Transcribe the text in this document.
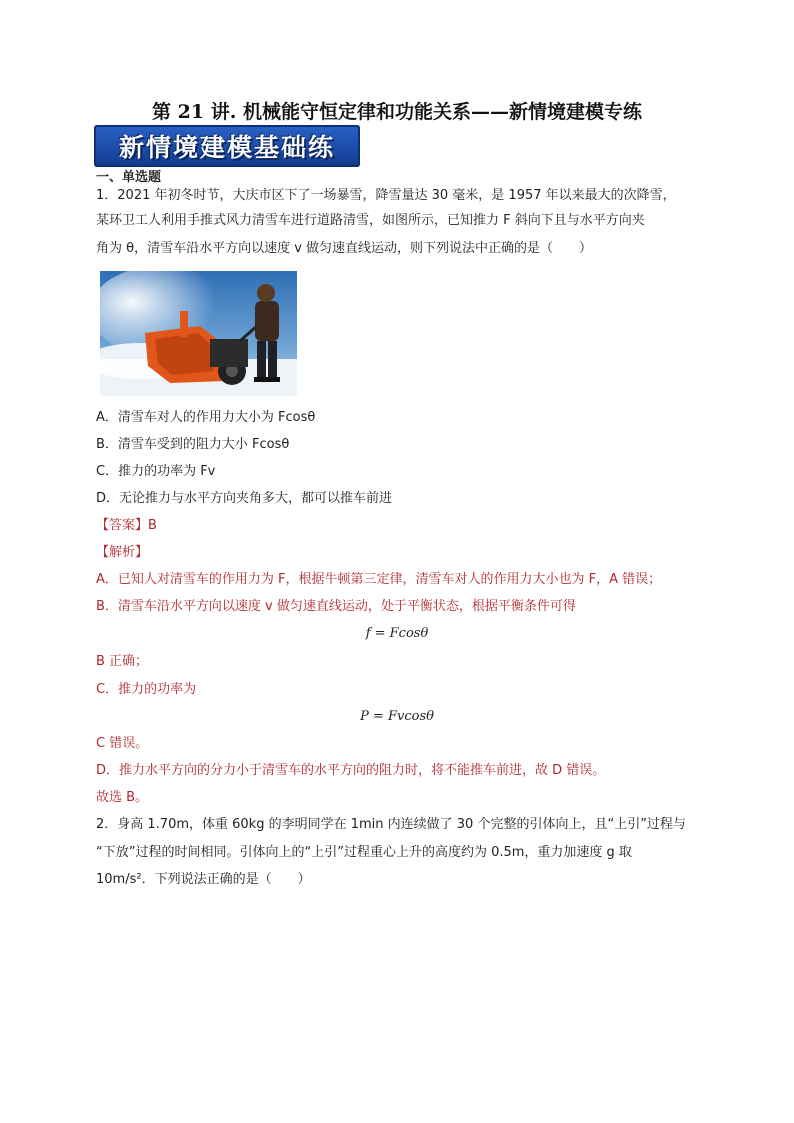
第 21 讲. 机械能守恒定律和功能关系——新情境建模专练
新情境建模基础练
一、单选题
1．2021 年初冬时节，大庆市区下了一场暴雪，降雪量达 30 毫米，是 1957 年以来最大的次降雪，
某环卫工人利用手推式风力清雪车进行道路清雪，如图所示，已知推力 F 斜向下且与水平方向夹
角为 θ，清雪车沿水平方向以速度 v 做匀速直线运动，则下列说法中正确的是（　　）
A．清雪车对人的作用力大小为 Fcosθ
B．清雪车受到的阻力大小 Fcosθ
C．推力的功率为 Fv
D．无论推力与水平方向夹角多大，都可以推车前进
【答案】B
【解析】
A．已知人对清雪车的作用力为 F，根据牛顿第三定律，清雪车对人的作用力大小也为 F，A 错误；
B．清雪车沿水平方向以速度 v 做匀速直线运动，处于平衡状态，根据平衡条件可得
f = Fcosθ
B 正确；
C．推力的功率为
P = Fvcosθ
C 错误。
D．推力水平方向的分力小于清雪车的水平方向的阻力时，将不能推车前进，故 D 错误。
故选 B。
2．身高 1.70m，体重 60kg 的李明同学在 1min 内连续做了 30 个完整的引体向上，且“上引”过程与
“下放”过程的时间相同。引体向上的“上引”过程重心上升的高度约为 0.5m，重力加速度 g 取
10m/s²．下列说法正确的是（　　）
